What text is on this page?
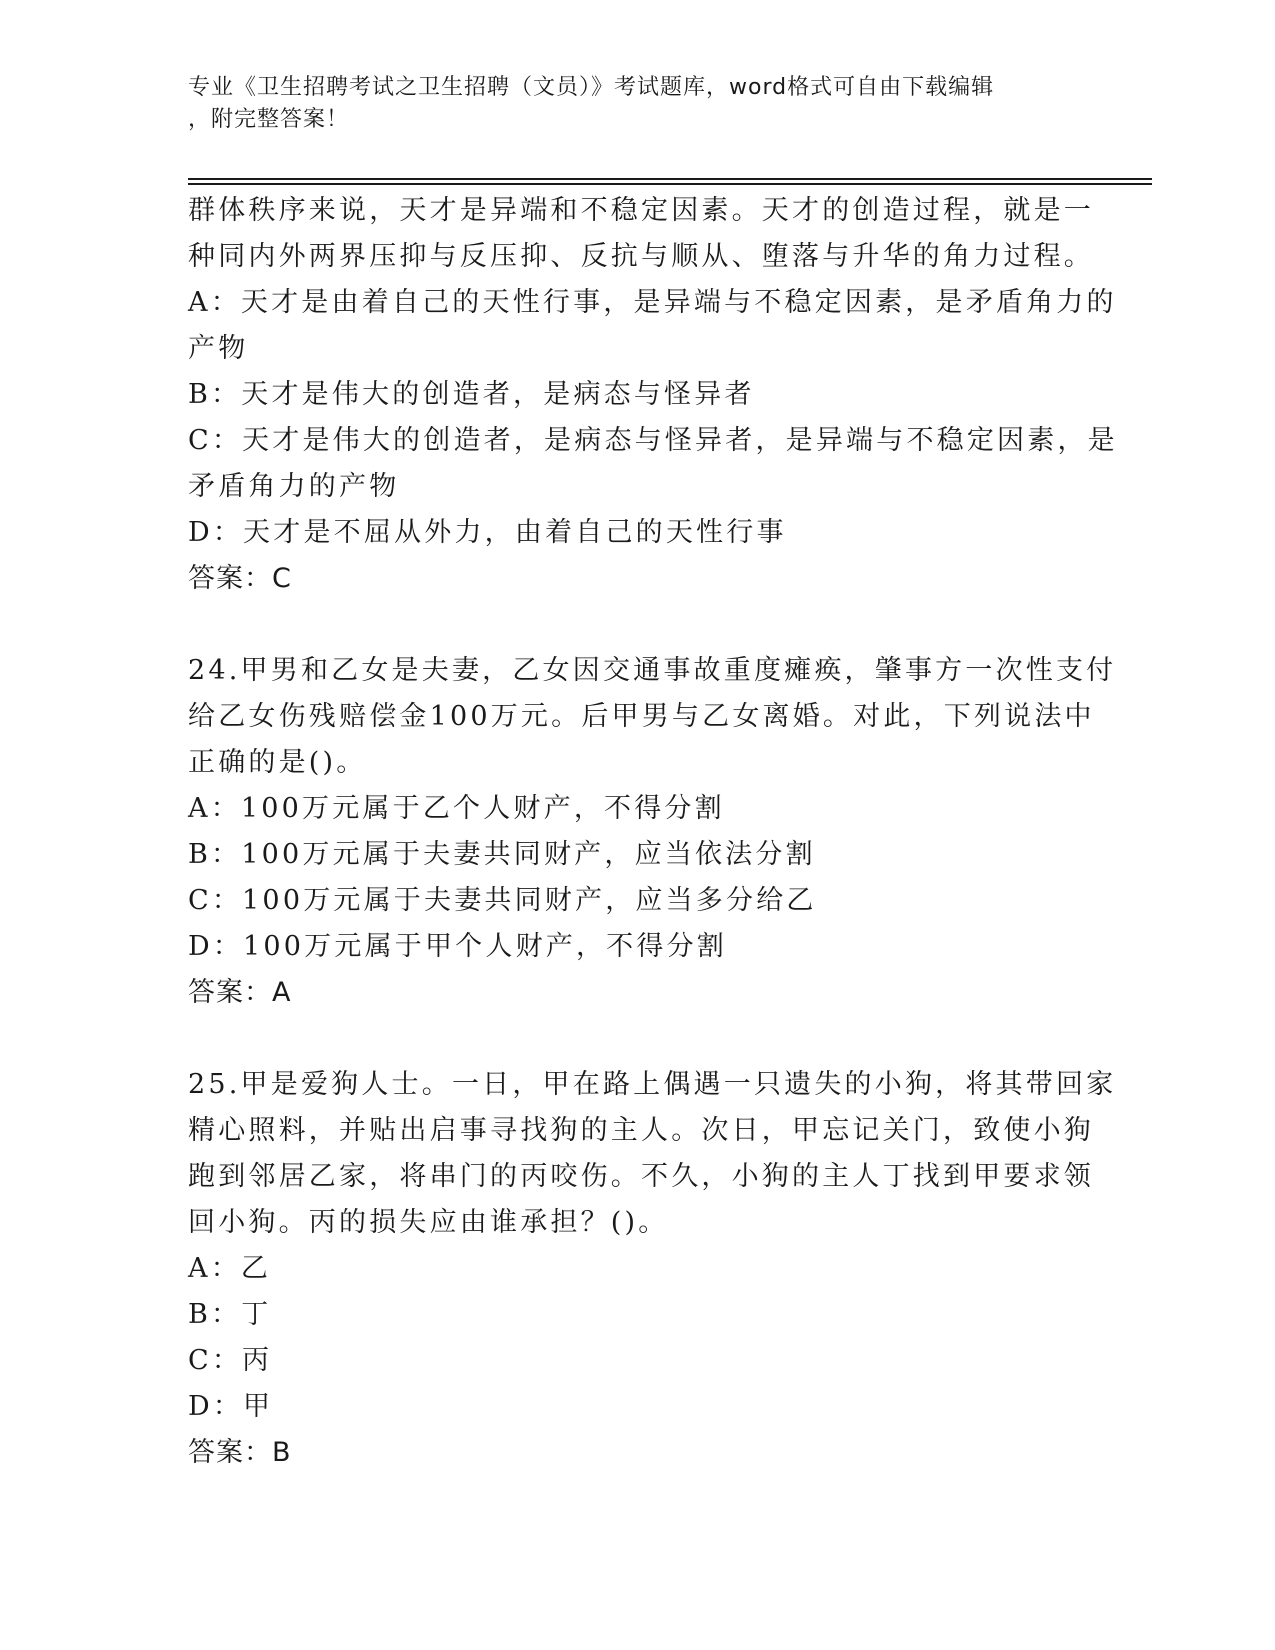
专业《卫生招聘考试之卫生招聘（文员）》考试题库，word格式可自由下载编辑
，附完整答案！
群体秩序来说，天才是异端和不稳定因素。天才的创造过程，就是一
种同内外两界压抑与反压抑、反抗与顺从、堕落与升华的角力过程。
A：天才是由着自己的天性行事，是异端与不稳定因素，是矛盾角力的
产物
B：天才是伟大的创造者，是病态与怪异者
C：天才是伟大的创造者，是病态与怪异者，是异端与不稳定因素，是
矛盾角力的产物
D：天才是不屈从外力，由着自己的天性行事
答案：C
24.甲男和乙女是夫妻，乙女因交通事故重度瘫痪，肇事方一次性支付
给乙女伤残赔偿金100万元。后甲男与乙女离婚。对此，下列说法中
正确的是()。
A：100万元属于乙个人财产，不得分割
B：100万元属于夫妻共同财产，应当依法分割
C：100万元属于夫妻共同财产，应当多分给乙
D：100万元属于甲个人财产，不得分割
答案：A
25.甲是爱狗人士。一日，甲在路上偶遇一只遗失的小狗，将其带回家
精心照料，并贴出启事寻找狗的主人。次日，甲忘记关门，致使小狗
跑到邻居乙家，将串门的丙咬伤。不久，小狗的主人丁找到甲要求领
回小狗。丙的损失应由谁承担？()。
A：乙
B：丁
C：丙
D：甲
答案：B
